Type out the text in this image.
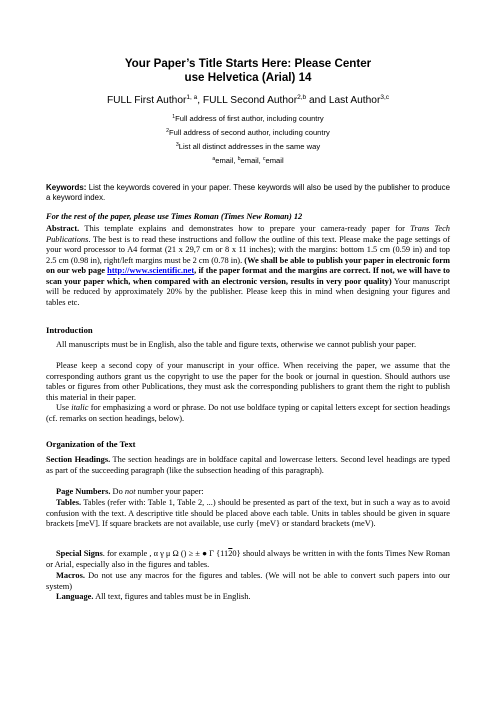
Your Paper’s Title Starts Here: Please Center
use Helvetica (Arial) 14
FULL First Author$^{1, a}$, FULL Second Author$^{2,b}$ and Last Author$^{3,c}$
$^1$Full address of first author, including country
$^2$Full address of second author, including country
$^3$List all distinct addresses in the same way
$^a$email, $^b$email, $^c$email
Keywords: List the keywords covered in your paper. These keywords will also be used by the publisher to produce a keyword index.
For the rest of the paper, please use Times Roman (Times New Roman) 12
Abstract. This template explains and demonstrates how to prepare your camera-ready paper for Trans Tech Publications. The best is to read these instructions and follow the outline of this text. Please make the page settings of your word processor to A4 format (21 x 29,7 cm or 8 x 11 inches); with the margins: bottom 1.5 cm (0.59 in) and top 2.5 cm (0.98 in), right/left margins must be 2 cm (0.78 in). (We shall be able to publish your paper in electronic form on our web page http://www.scientific.net, if the paper format and the margins are correct. If not, we will have to scan your paper which, when compared with an electronic version, results in very poor quality) Your manuscript will be reduced by approximately 20% by the publisher. Please keep this in mind when designing your figures and tables etc.
Introduction
All manuscripts must be in English, also the table and figure texts, otherwise we cannot publish your paper.
Please keep a second copy of your manuscript in your office. When receiving the paper, we assume that the corresponding authors grant us the copyright to use the paper for the book or journal in question. Should authors use tables or figures from other Publications, they must ask the corresponding publishers to grant them the right to publish this material in their paper.
Use italic for emphasizing a word or phrase. Do not use boldface typing or capital letters except for section headings (cf. remarks on section headings, below).
Organization of the Text
Section Headings. The section headings are in boldface capital and lowercase letters. Second level headings are typed as part of the succeeding paragraph (like the subsection heading of this paragraph).
Page Numbers. Do not number your paper:
Tables. Tables (refer with: Table 1, Table 2, ...) should be presented as part of the text, but in such a way as to avoid confusion with the text. A descriptive title should be placed above each table. Units in tables should be given in square brackets [meV]. If square brackets are not available, use curly {meV} or standard brackets (meV).
Special Signs. for example , α γ μ Ω () ≥ ± ● Γ {1120} should always be written in with the fonts Times New Roman or Arial, especially also in the figures and tables.
Macros. Do not use any macros for the figures and tables. (We will not be able to convert such papers into our system)
Language. All text, figures and tables must be in English.
